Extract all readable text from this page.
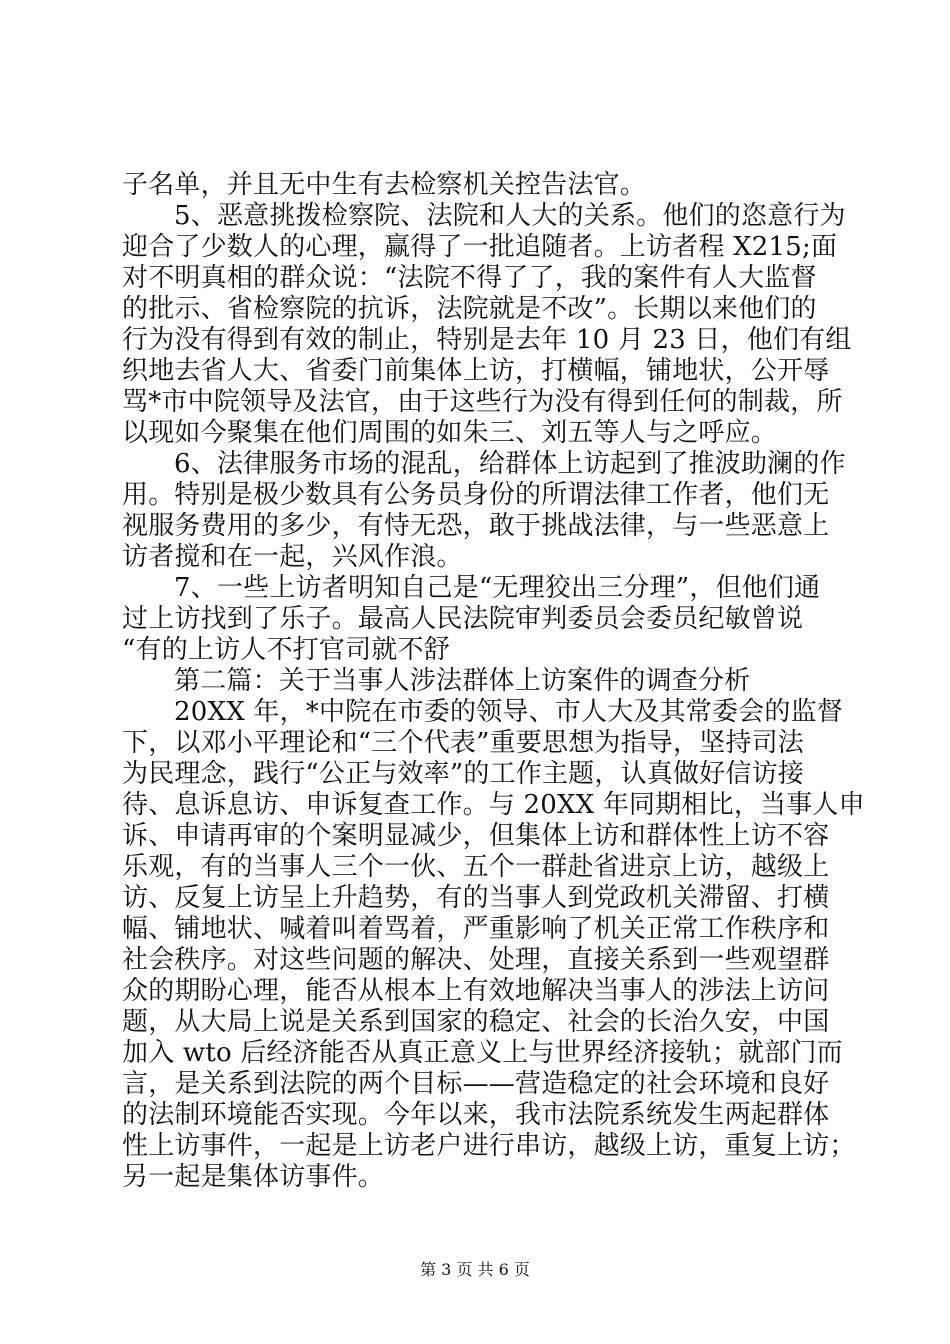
子名单，并且无中生有去检察机关控告法官。
5、恶意挑拨检察院、法院和人大的关系。他们的恣意行为
迎合了少数人的心理，赢得了一批追随者。上访者程 X215;面
对不明真相的群众说：“法院不得了了，我的案件有人大监督
的批示、省检察院的抗诉，法院就是不改”。长期以来他们的
行为没有得到有效的制止，特别是去年 10 月 23 日，他们有组
织地去省人大、省委门前集体上访，打横幅，铺地状，公开辱
骂*市中院领导及法官，由于这些行为没有得到任何的制裁，所
以现如今聚集在他们周围的如朱三、刘五等人与之呼应。
6、法律服务市场的混乱，给群体上访起到了推波助澜的作
用。特别是极少数具有公务员身份的所谓法律工作者，他们无
视服务费用的多少，有恃无恐，敢于挑战法律，与一些恶意上
访者搅和在一起，兴风作浪。
7、一些上访者明知自己是“无理狡出三分理”，但他们通
过上访找到了乐子。最高人民法院审判委员会委员纪敏曾说
“有的上访人不打官司就不舒
第二篇：关于当事人涉法群体上访案件的调查分析
20XX 年，*中院在市委的领导、市人大及其常委会的监督
下，以邓小平理论和“三个代表”重要思想为指导，坚持司法
为民理念，践行“公正与效率”的工作主题，认真做好信访接
待、息诉息访、申诉复查工作。与 20XX 年同期相比，当事人申
诉、申请再审的个案明显减少，但集体上访和群体性上访不容
乐观，有的当事人三个一伙、五个一群赴省进京上访，越级上
访、反复上访呈上升趋势，有的当事人到党政机关滞留、打横
幅、铺地状、喊着叫着骂着，严重影响了机关正常工作秩序和
社会秩序。对这些问题的解决、处理，直接关系到一些观望群
众的期盼心理，能否从根本上有效地解决当事人的涉法上访问
题，从大局上说是关系到国家的稳定、社会的长治久安，中国
加入 wto 后经济能否从真正意义上与世界经济接轨；就部门而
言，是关系到法院的两个目标——营造稳定的社会环境和良好
的法制环境能否实现。今年以来，我市法院系统发生两起群体
性上访事件，一起是上访老户进行串访，越级上访，重复上访；
另一起是集体访事件。
第 3 页 共 6 页
